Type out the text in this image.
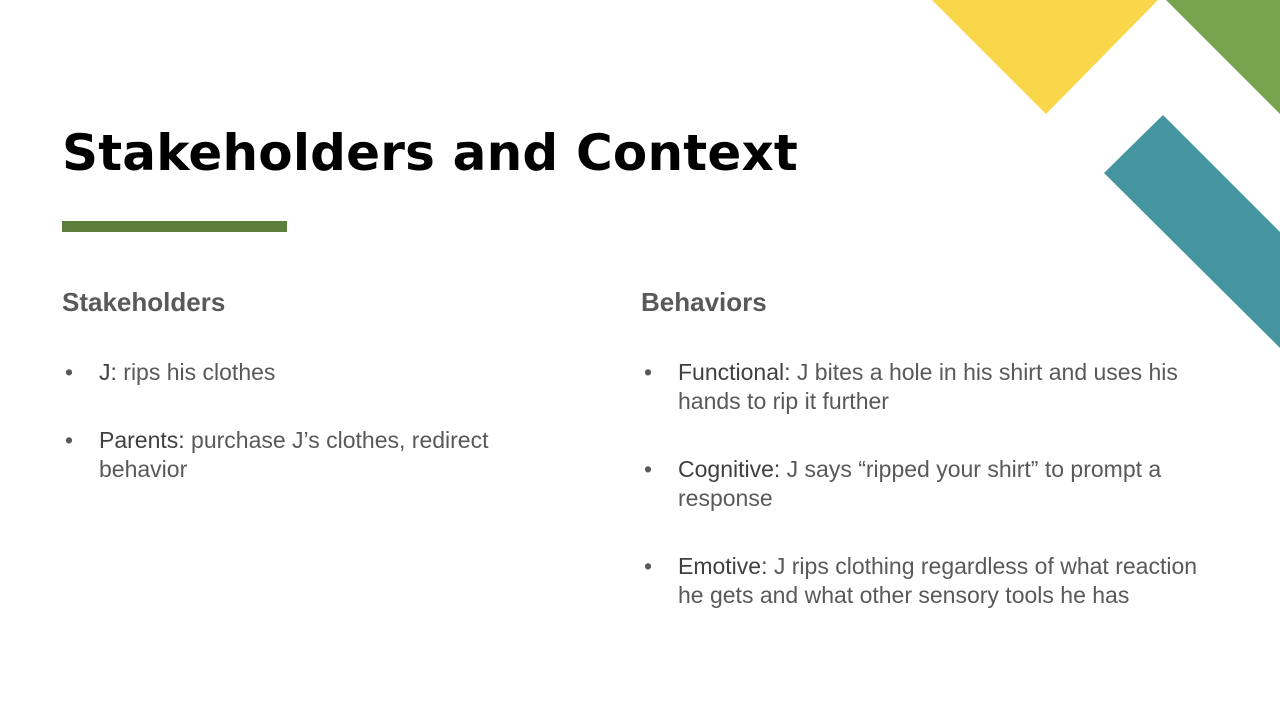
Stakeholders and Context
Stakeholders
• J: rips his clothes
• Parents: purchase J’s clothes, redirect behavior
Behaviors
• Functional: J bites a hole in his shirt and uses his hands to rip it further
• Cognitive: J says “ripped your shirt” to prompt a response
• Emotive: J rips clothing regardless of what reaction he gets and what other sensory tools he has
